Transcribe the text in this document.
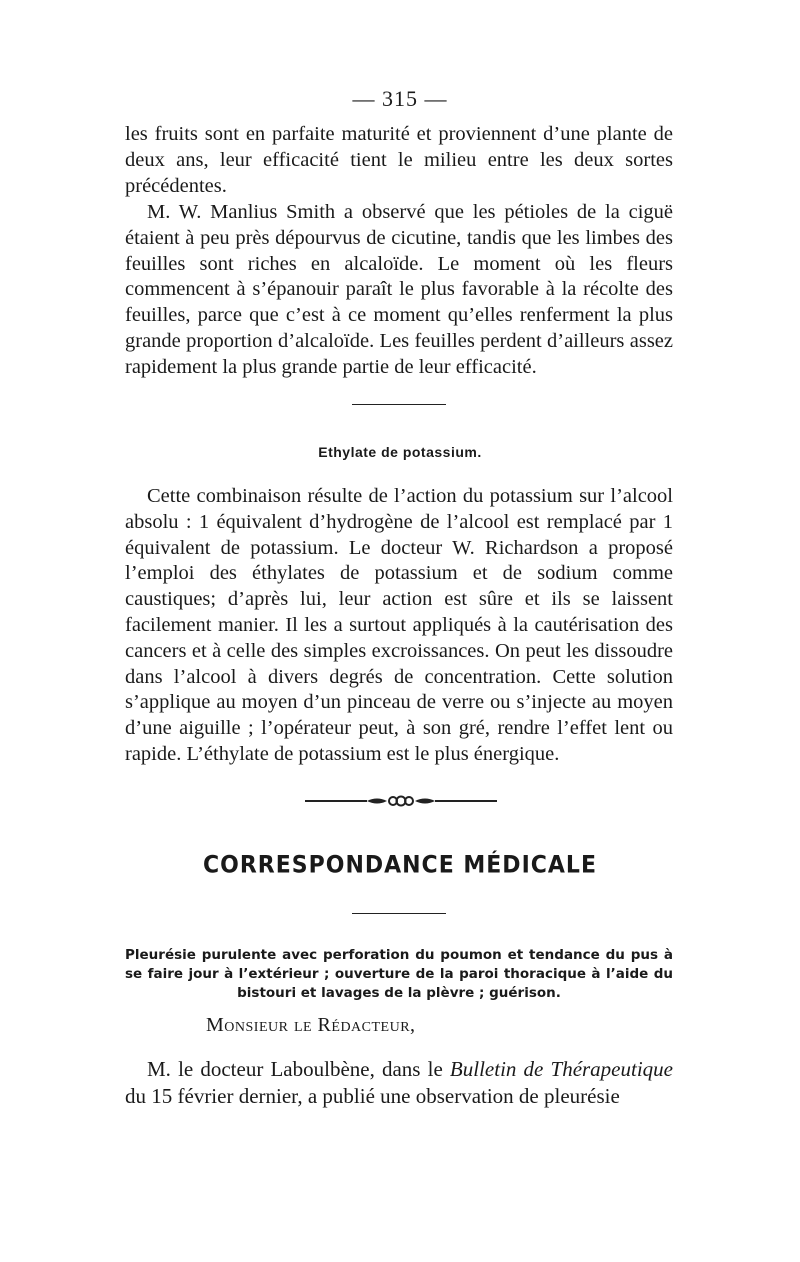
— 315 —

les fruits sont en parfaite maturité et proviennent d’une plante de deux ans, leur efficacité tient le milieu entre les deux sortes précédentes.

M. W. Manlius Smith a observé que les pétioles de la ciguë étaient à peu près dépourvus de cicutine, tandis que les limbes des feuilles sont riches en alcaloïde. Le moment où les fleurs commencent à s’épanouir paraît le plus favorable à la récolte des feuilles, parce que c’est à ce moment qu’elles renferment la plus grande proportion d’alcaloïde. Les feuilles perdent d’ailleurs assez rapidement la plus grande partie de leur efficacité.

Ethylate de potassium.

Cette combinaison résulte de l’action du potassium sur l’alcool absolu : 1 équivalent d’hydrogène de l’alcool est remplacé par 1 équivalent de potassium. Le docteur W. Richardson a proposé l’emploi des éthylates de potassium et de sodium comme caustiques; d’après lui, leur action est sûre et ils se laissent facilement manier. Il les a surtout appliqués à la cautérisation des cancers et à celle des simples excroissances. On peut les dissoudre dans l’alcool à divers degrés de concentration. Cette solution s’applique au moyen d’un pinceau de verre ou s’injecte au moyen d’une aiguille ; l’opérateur peut, à son gré, rendre l’effet lent ou rapide. L’éthylate de potassium est le plus énergique.

CORRESPONDANCE MÉDICALE

Pleurésie purulente avec perforation du poumon et tendance du pus à se faire jour à l’extérieur ; ouverture de la paroi thoracique à l’aide du bistouri et lavages de la plèvre ; guérison.

Monsieur le Rédacteur,

M. le docteur Laboulbène, dans le Bulletin de Thérapeutique du 15 février dernier, a publié une observation de pleurésie
